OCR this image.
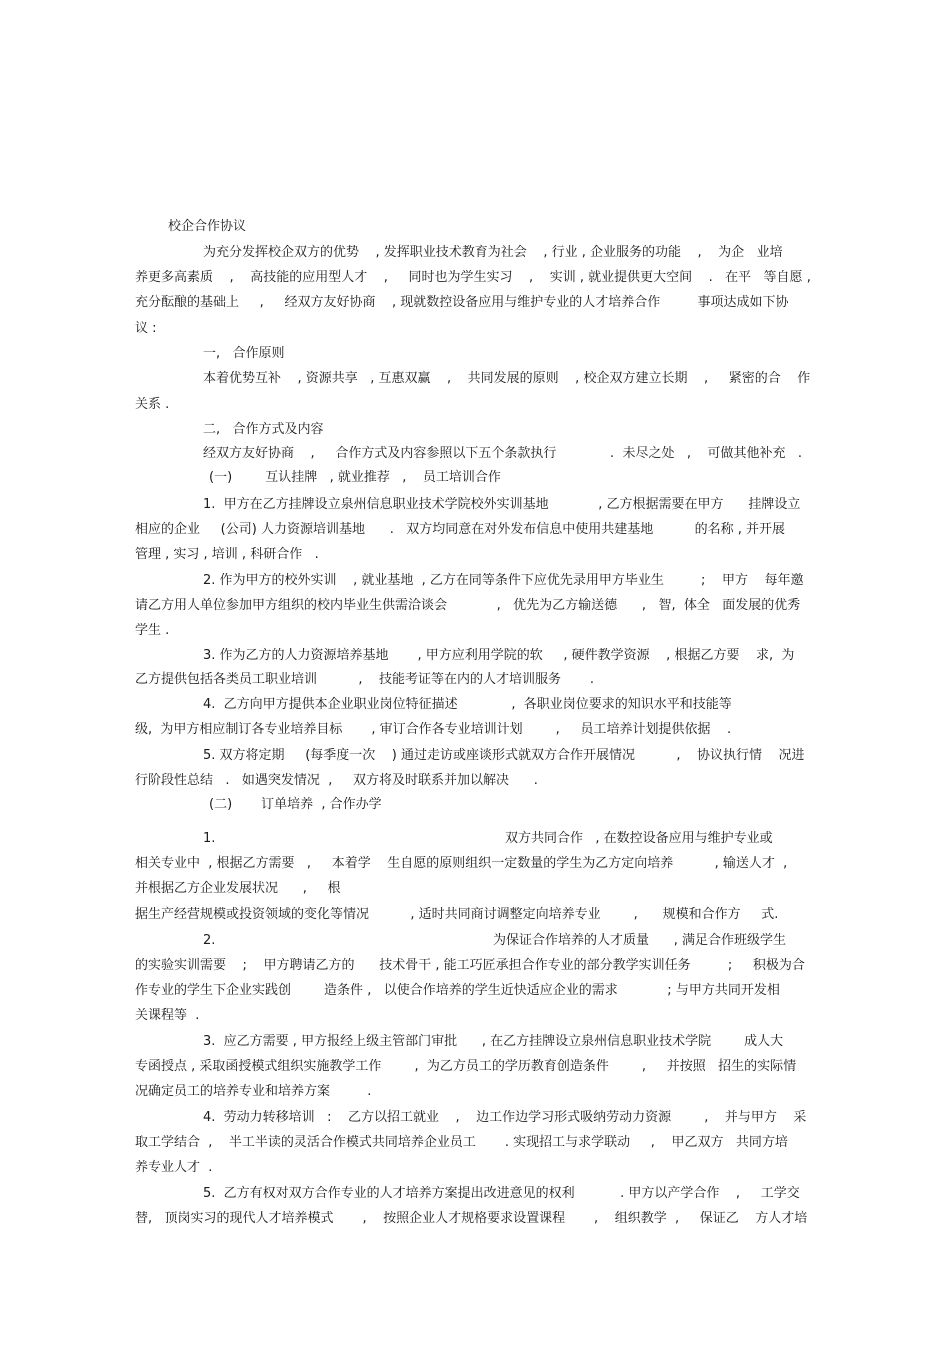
校企合作协议
为充分发挥校企双方的优势    , 发挥职业技术教育为社会    , 行业 , 企业服务的功能    ,    为企   业培
养更多高素质    ,    高技能的应用型人才    ,     同时也为学生实习    ,    实训 , 就业提供更大空间    .   在平   等自愿 ,
充分酝酿的基础上     ,     经双方友好协商    , 现就数控设备应用与维护专业的人才培养合作         事项达成如下协
议 :
一,   合作原则
本着优势互补    , 资源共享   , 互惠双赢    ,    共同发展的原则    , 校企双方建立长期    ,     紧密的合    作
关系 .
二,   合作方式及内容
经双方友好协商    ,     合作方式及内容参照以下五个条款执行             .  未尽之处   ,    可做其他补充   .
(一)        互认挂牌   , 就业推荐   ,    员工培训合作
1.  甲方在乙方挂牌设立泉州信息职业技术学院校外实训基地            , 乙方根据需要在甲方      挂牌设立
相应的企业     (公司) 人力资源培训基地      .   双方均同意在对外发布信息中使用共建基地          的名称 , 并开展
管理 , 实习 , 培训 , 科研合作   .
2. 作为甲方的校外实训    , 就业基地  , 乙方在同等条件下应优先录用甲方毕业生         ;    甲方    每年邀
请乙方用人单位参加甲方组织的校内毕业生供需洽谈会            ,   优先为乙方输送德      ,   智,  体全   面发展的优秀
学生 .
3. 作为乙方的人力资源培养基地       , 甲方应利用学院的软     , 硬件教学资源    , 根据乙方要    求,  为
乙方提供包括各类员工职业培训          ,    技能考证等在内的人才培训服务       .
4.  乙方向甲方提供本企业职业岗位特征描述             ,  各职业岗位要求的知识水平和技能等
级,  为甲方相应制订各专业培养目标       , 审订合作各专业培训计划        ,     员工培养计划提供依据    .
5. 双方将定期     (每季度一次    ) 通过走访或座谈形式就双方合作开展情况          ,    协议执行情    况进
行阶段性总结   .   如遇突发情况  ,     双方将及时联系并加以解决      .
(二)       订单培养  , 合作办学
1.	双方共同合作   , 在数控设备应用与维护专业或
相关专业中  , 根据乙方需要   ,     本着学    生自愿的原则组织一定数量的学生为乙方定向培养          , 输送人才  ,
并根据乙方企业发展状况      ,     根
据生产经营规模或投资领域的变化等情况          , 适时共同商讨调整定向培养专业        ,      规模和合作方     式.
2.	为保证合作培养的人才质量      , 满足合作班级学生
的实验实训需要    ;    甲方聘请乙方的      技术骨干 , 能工巧匠承担合作专业的部分教学实训任务         ;     积极为合
作专业的学生下企业实践创        造条件 ,   以使合作培养的学生近快适应企业的需求            ; 与甲方共同开发相
关课程等  .
3.  应乙方需要 , 甲方报经上级主管部门审批      , 在乙方挂牌设立泉州信息职业技术学院        成人大
专函授点 , 采取函授模式组织实施教学工作        ,  为乙方员工的学历教育创造条件        ,     并按照   招生的实际情
况确定员工的培养专业和培养方案         .
4.  劳动力转移培训   :    乙方以招工就业    ,    边工作边学习形式吸纳劳动力资源        ,    并与甲方    采
取工学结合  ,    半工半读的灵活合作模式共同培养企业员工       . 实现招工与求学联动     ,    甲乙双方   共同方培
养专业人才  .
5.  乙方有权对双方合作专业的人才培养方案提出改进意见的权利           . 甲方以产学合作    ,     工学交
替,   顶岗实习的现代人才培养模式       ,    按照企业人才规格要求设置课程       ,    组织教学  ,     保证乙    方人才培
